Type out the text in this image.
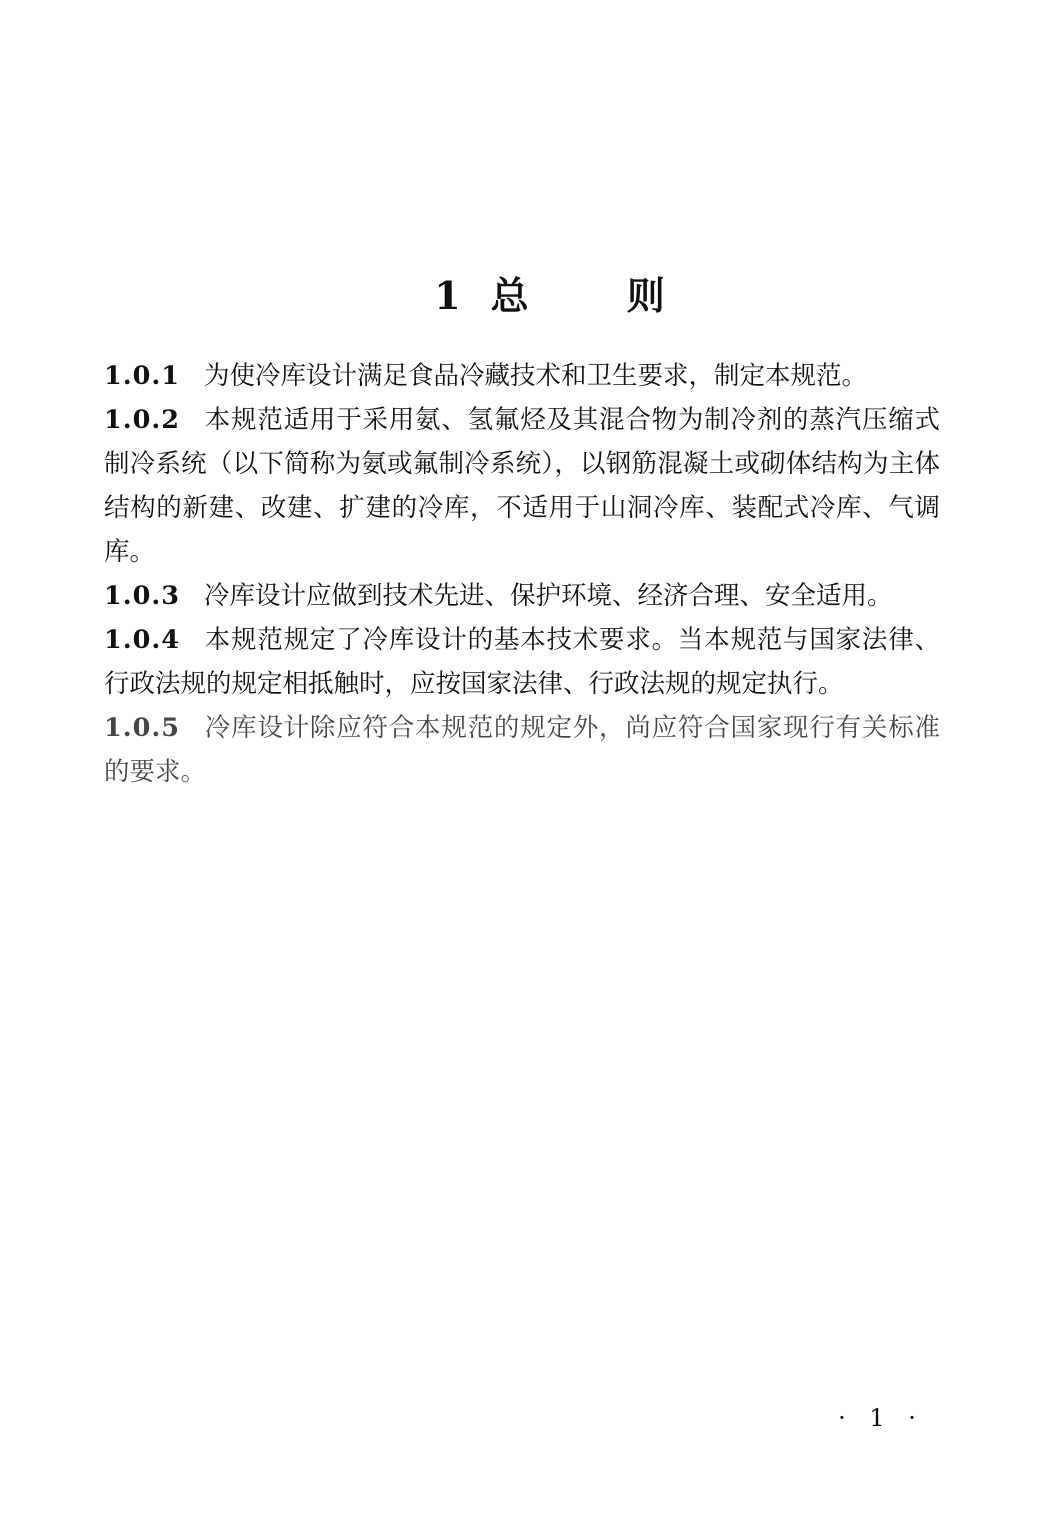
1 总	则

1.0.1 为使冷库设计满足食品冷藏技术和卫生要求，制定本规范。

1.0.2 本规范适用于采用氨、氢氟烃及其混合物为制冷剂的蒸汽压缩式制冷系统（以下简称为氨或氟制冷系统），以钢筋混凝土或砌体结构为主体结构的新建、改建、扩建的冷库，不适用于山洞冷库、装配式冷库、气调库。

1.0.3 冷库设计应做到技术先进、保护环境、经济合理、安全适用。

1.0.4 本规范规定了冷库设计的基本技术要求。当本规范与国家法律、行政法规的规定相抵触时，应按国家法律、行政法规的规定执行。

1.0.5 冷库设计除应符合本规范的规定外，尚应符合国家现行有关标准的要求。

· 1 ·
